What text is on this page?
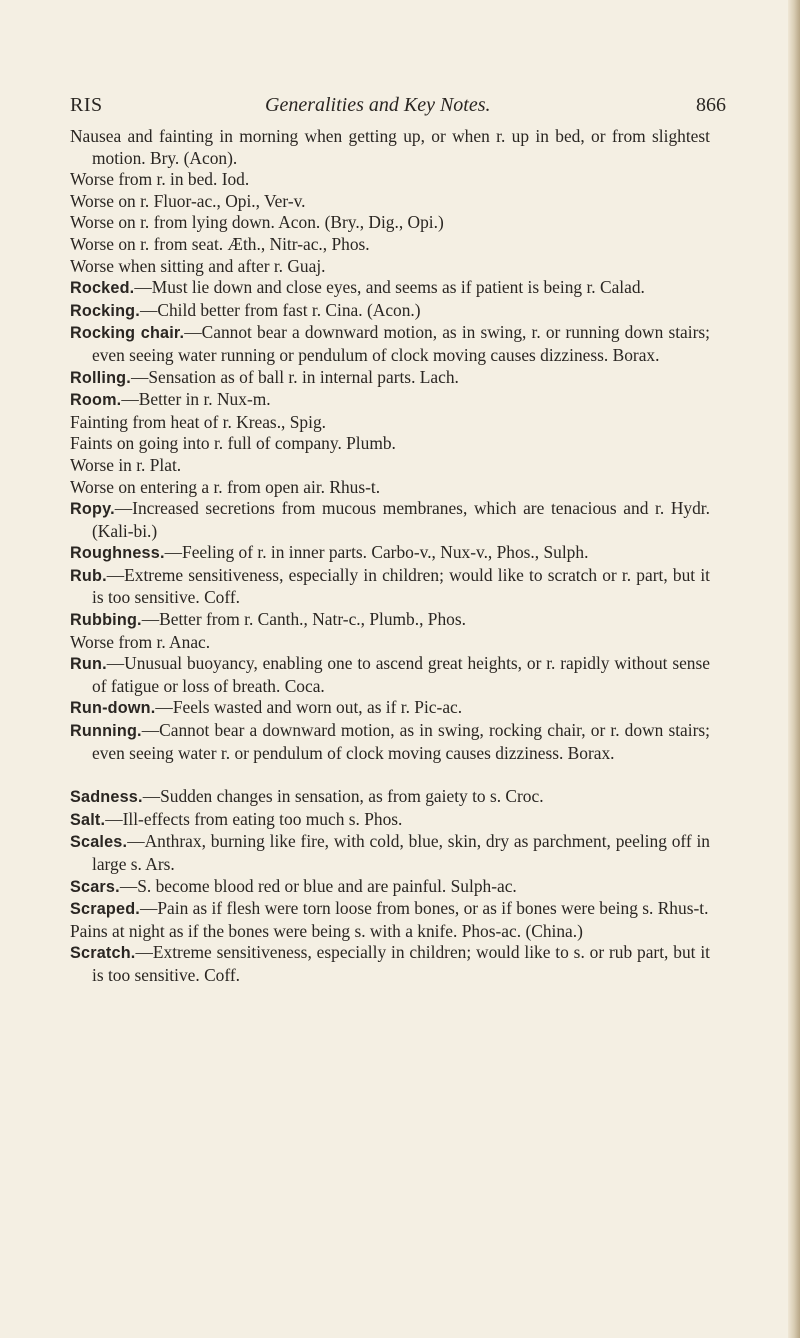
RIS	Generalities and Key Notes.	866

Nausea and fainting in morning when getting up, or when r. up in bed, or from slightest motion. Bry. (Acon).

Worse from r. in bed. Iod.

Worse on r. Fluor-ac., Opi., Ver-v.

Worse on r. from lying down. Acon. (Bry., Dig., Opi.)

Worse on r. from seat. Æth., Nitr-ac., Phos.

Worse when sitting and after r. Guaj.

Rocked.—Must lie down and close eyes, and seems as if patient is being r. Calad.

Rocking.—Child better from fast r. Cina. (Acon.)

Rocking chair.—Cannot bear a downward motion, as in swing, r. or running down stairs; even seeing water running or pendulum of clock moving causes dizziness. Borax.

Rolling.—Sensation as of ball r. in internal parts. Lach.

Room.—Better in r. Nux-m.

Fainting from heat of r. Kreas., Spig.

Faints on going into r. full of company. Plumb.

Worse in r. Plat.

Worse on entering a r. from open air. Rhus-t.

Ropy.—Increased secretions from mucous membranes, which are tenacious and r. Hydr. (Kali-bi.)

Roughness.—Feeling of r. in inner parts. Carbo-v., Nux-v., Phos., Sulph.

Rub.—Extreme sensitiveness, especially in children; would like to scratch or r. part, but it is too sensitive. Coff.

Rubbing.—Better from r. Canth., Natr-c., Plumb., Phos.

Worse from r. Anac.

Run.—Unusual buoyancy, enabling one to ascend great heights, or r. rapidly without sense of fatigue or loss of breath. Coca.

Run-down.—Feels wasted and worn out, as if r. Pic-ac.

Running.—Cannot bear a downward motion, as in swing, rocking chair, or r. down stairs; even seeing water r. or pendulum of clock moving causes dizziness. Borax.

Sadness.—Sudden changes in sensation, as from gaiety to s. Croc.

Salt.—Ill-effects from eating too much s. Phos.

Scales.—Anthrax, burning like fire, with cold, blue, skin, dry as parchment, peeling off in large s. Ars.

Scars.—S. become blood red or blue and are painful. Sulph-ac.

Scraped.—Pain as if flesh were torn loose from bones, or as if bones were being s. Rhus-t.

Pains at night as if the bones were being s. with a knife. Phos-ac. (China.)

Scratch.—Extreme sensitiveness, especially in children; would like to s. or rub part, but it is too sensitive. Coff.
